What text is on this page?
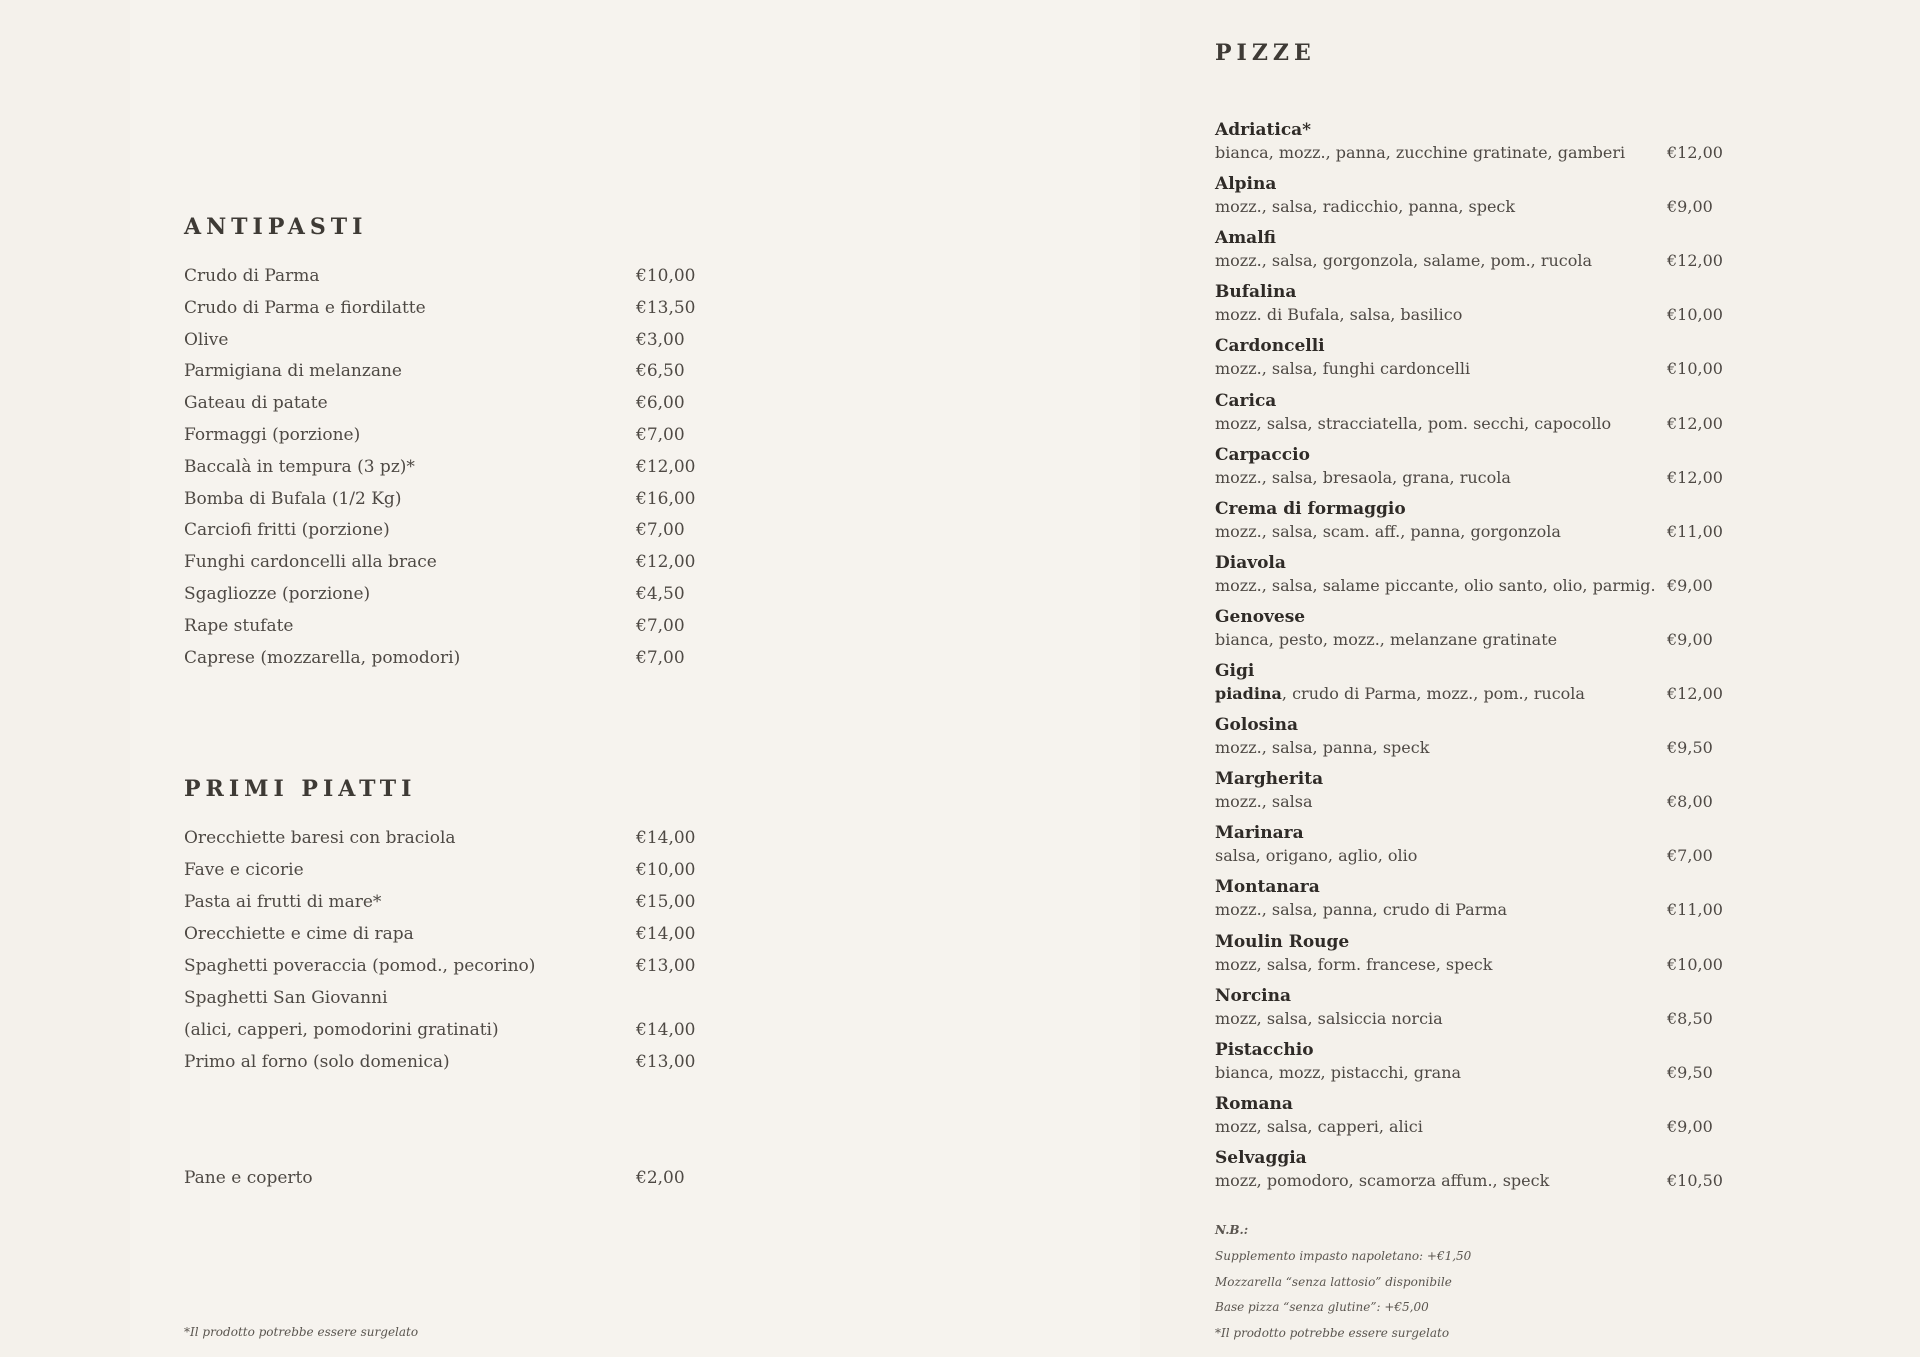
ANTIPASTI
Crudo di Parma	€10,00
Crudo di Parma e fiordilatte	€13,50
Olive	€3,00
Parmigiana di melanzane	€6,50
Gateau di patate	€6,00
Formaggi (porzione)	€7,00
Baccalà in tempura (3 pz)*	€12,00
Bomba di Bufala (1/2 Kg)	€16,00
Carciofi fritti (porzione)	€7,00
Funghi cardoncelli alla brace	€12,00
Sgagliozze (porzione)	€4,50
Rape stufate	€7,00
Caprese (mozzarella, pomodori)	€7,00
PRIMI PIATTI
Orecchiette baresi con braciola	€14,00
Fave e cicorie	€10,00
Pasta ai frutti di mare*	€15,00
Orecchiette e cime di rapa	€14,00
Spaghetti poveraccia (pomod., pecorino)	€13,00
Spaghetti San Giovanni
(alici, capperi, pomodorini gratinati)	€14,00
Primo al forno (solo domenica)	€13,00
Pane e coperto	€2,00
*Il prodotto potrebbe essere surgelato
PIZZE
Adriatica*
bianca, mozz., panna, zucchine gratinate, gamberi	€12,00
Alpina
mozz., salsa, radicchio, panna, speck	€9,00
Amalfi
mozz., salsa, gorgonzola, salame, pom., rucola	€12,00
Bufalina
mozz. di Bufala, salsa, basilico	€10,00
Cardoncelli
mozz., salsa, funghi cardoncelli	€10,00
Carica
mozz, salsa, stracciatella, pom. secchi, capocollo	€12,00
Carpaccio
mozz., salsa, bresaola, grana, rucola	€12,00
Crema di formaggio
mozz., salsa, scam. aff., panna, gorgonzola	€11,00
Diavola
mozz., salsa, salame piccante, olio santo, olio, parmig. €9,00
Genovese
bianca, pesto, mozz., melanzane gratinate	€9,00
Gigi
piadina, crudo di Parma, mozz., pom., rucola	€12,00
Golosina
mozz., salsa, panna, speck	€9,50
Margherita
mozz., salsa	€8,00
Marinara
salsa, origano, aglio, olio	€7,00
Montanara
mozz., salsa, panna, crudo di Parma	€11,00
Moulin Rouge
mozz, salsa, form. francese, speck	€10,00
Norcina
mozz, salsa, salsiccia norcia	€8,50
Pistacchio
bianca, mozz, pistacchi, grana	€9,50
Romana
mozz, salsa, capperi, alici	€9,00
Selvaggia
mozz, pomodoro, scamorza affum., speck	€10,50
N.B.:
Supplemento impasto napoletano: +€1,50
Mozzarella “senza lattosio” disponibile
Base pizza “senza glutine”: +€5,00
*Il prodotto potrebbe essere surgelato
